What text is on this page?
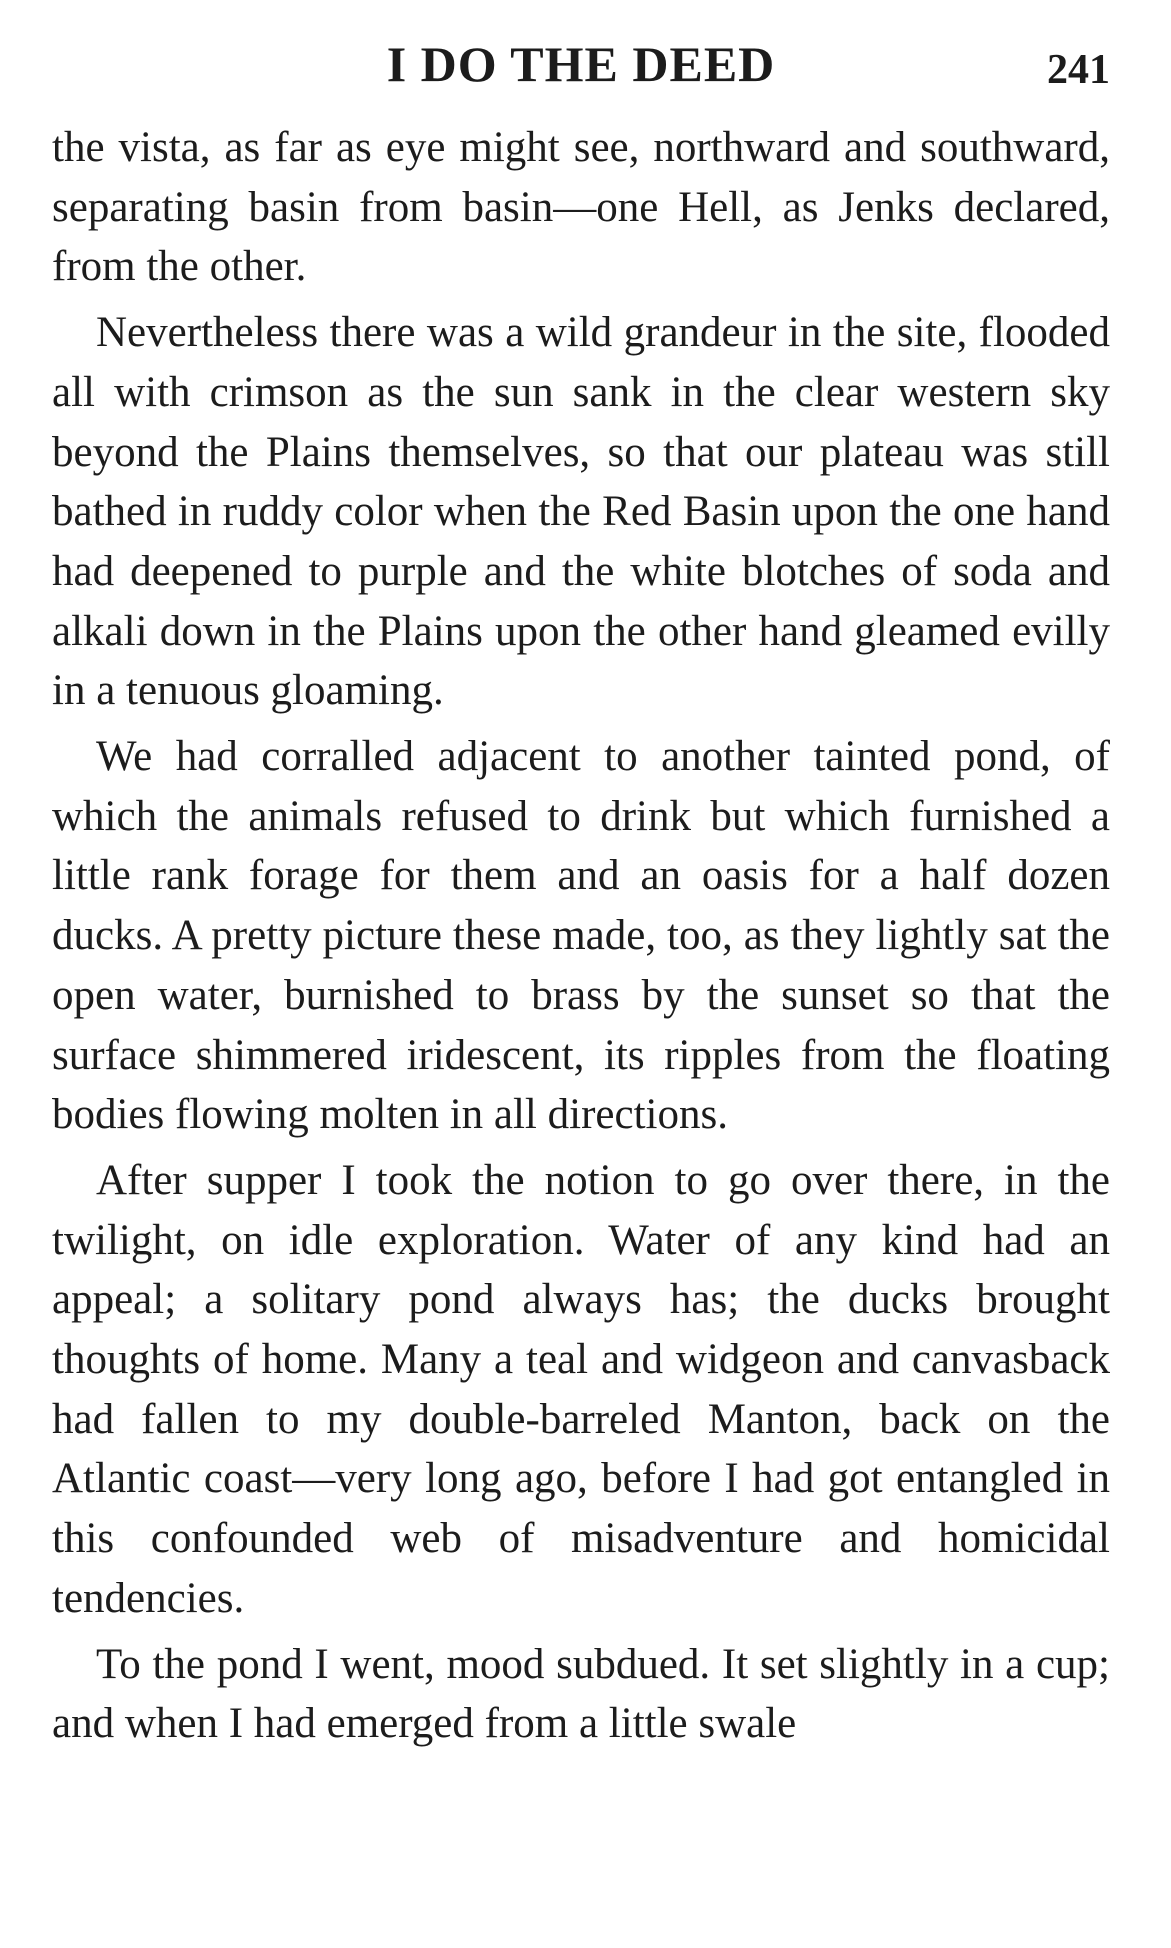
I DO THE DEED	241

the vista, as far as eye might see, northward and southward, separating basin from basin—one Hell, as Jenks declared, from the other.

Nevertheless there was a wild grandeur in the site, flooded all with crimson as the sun sank in the clear western sky beyond the Plains themselves, so that our plateau was still bathed in ruddy color when the Red Basin upon the one hand had deepened to purple and the white blotches of soda and alkali down in the Plains upon the other hand gleamed evilly in a tenuous gloaming.

We had corralled adjacent to another tainted pond, of which the animals refused to drink but which furnished a little rank forage for them and an oasis for a half dozen ducks. A pretty picture these made, too, as they lightly sat the open water, burnished to brass by the sunset so that the surface shimmered iridescent, its ripples from the floating bodies flowing molten in all directions.

After supper I took the notion to go over there, in the twilight, on idle exploration. Water of any kind had an appeal; a solitary pond always has; the ducks brought thoughts of home. Many a teal and widgeon and canvasback had fallen to my double-barreled Manton, back on the Atlantic coast—very long ago, before I had got entangled in this confounded web of misadventure and homicidal tendencies.

To the pond I went, mood subdued. It set slightly in a cup; and when I had emerged from a little swale
